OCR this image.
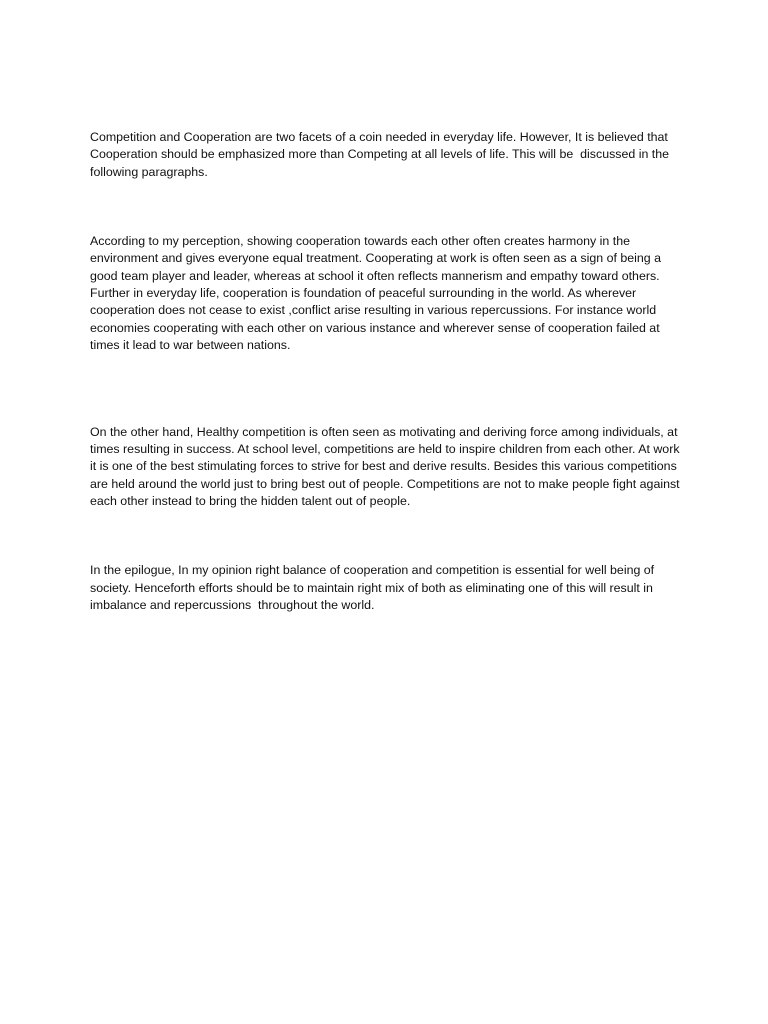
Competition and Cooperation are two facets of a coin needed in everyday life. However, It is believed that Cooperation should be emphasized more than Competing at all levels of life. This will be  discussed in the following paragraphs.

According to my perception, showing cooperation towards each other often creates harmony in the environment and gives everyone equal treatment. Cooperating at work is often seen as a sign of being a good team player and leader, whereas at school it often reflects mannerism and empathy toward others. Further in everyday life, cooperation is foundation of peaceful surrounding in the world. As wherever cooperation does not cease to exist ,conflict arise resulting in various repercussions. For instance world economies cooperating with each other on various instance and wherever sense of cooperation failed at times it lead to war between nations.

On the other hand, Healthy competition is often seen as motivating and deriving force among individuals, at times resulting in success. At school level, competitions are held to inspire children from each other. At work it is one of the best stimulating forces to strive for best and derive results. Besides this various competitions are held around the world just to bring best out of people. Competitions are not to make people fight against each other instead to bring the hidden talent out of people.

In the epilogue, In my opinion right balance of cooperation and competition is essential for well being of society. Henceforth efforts should be to maintain right mix of both as eliminating one of this will result in imbalance and repercussions  throughout the world.
